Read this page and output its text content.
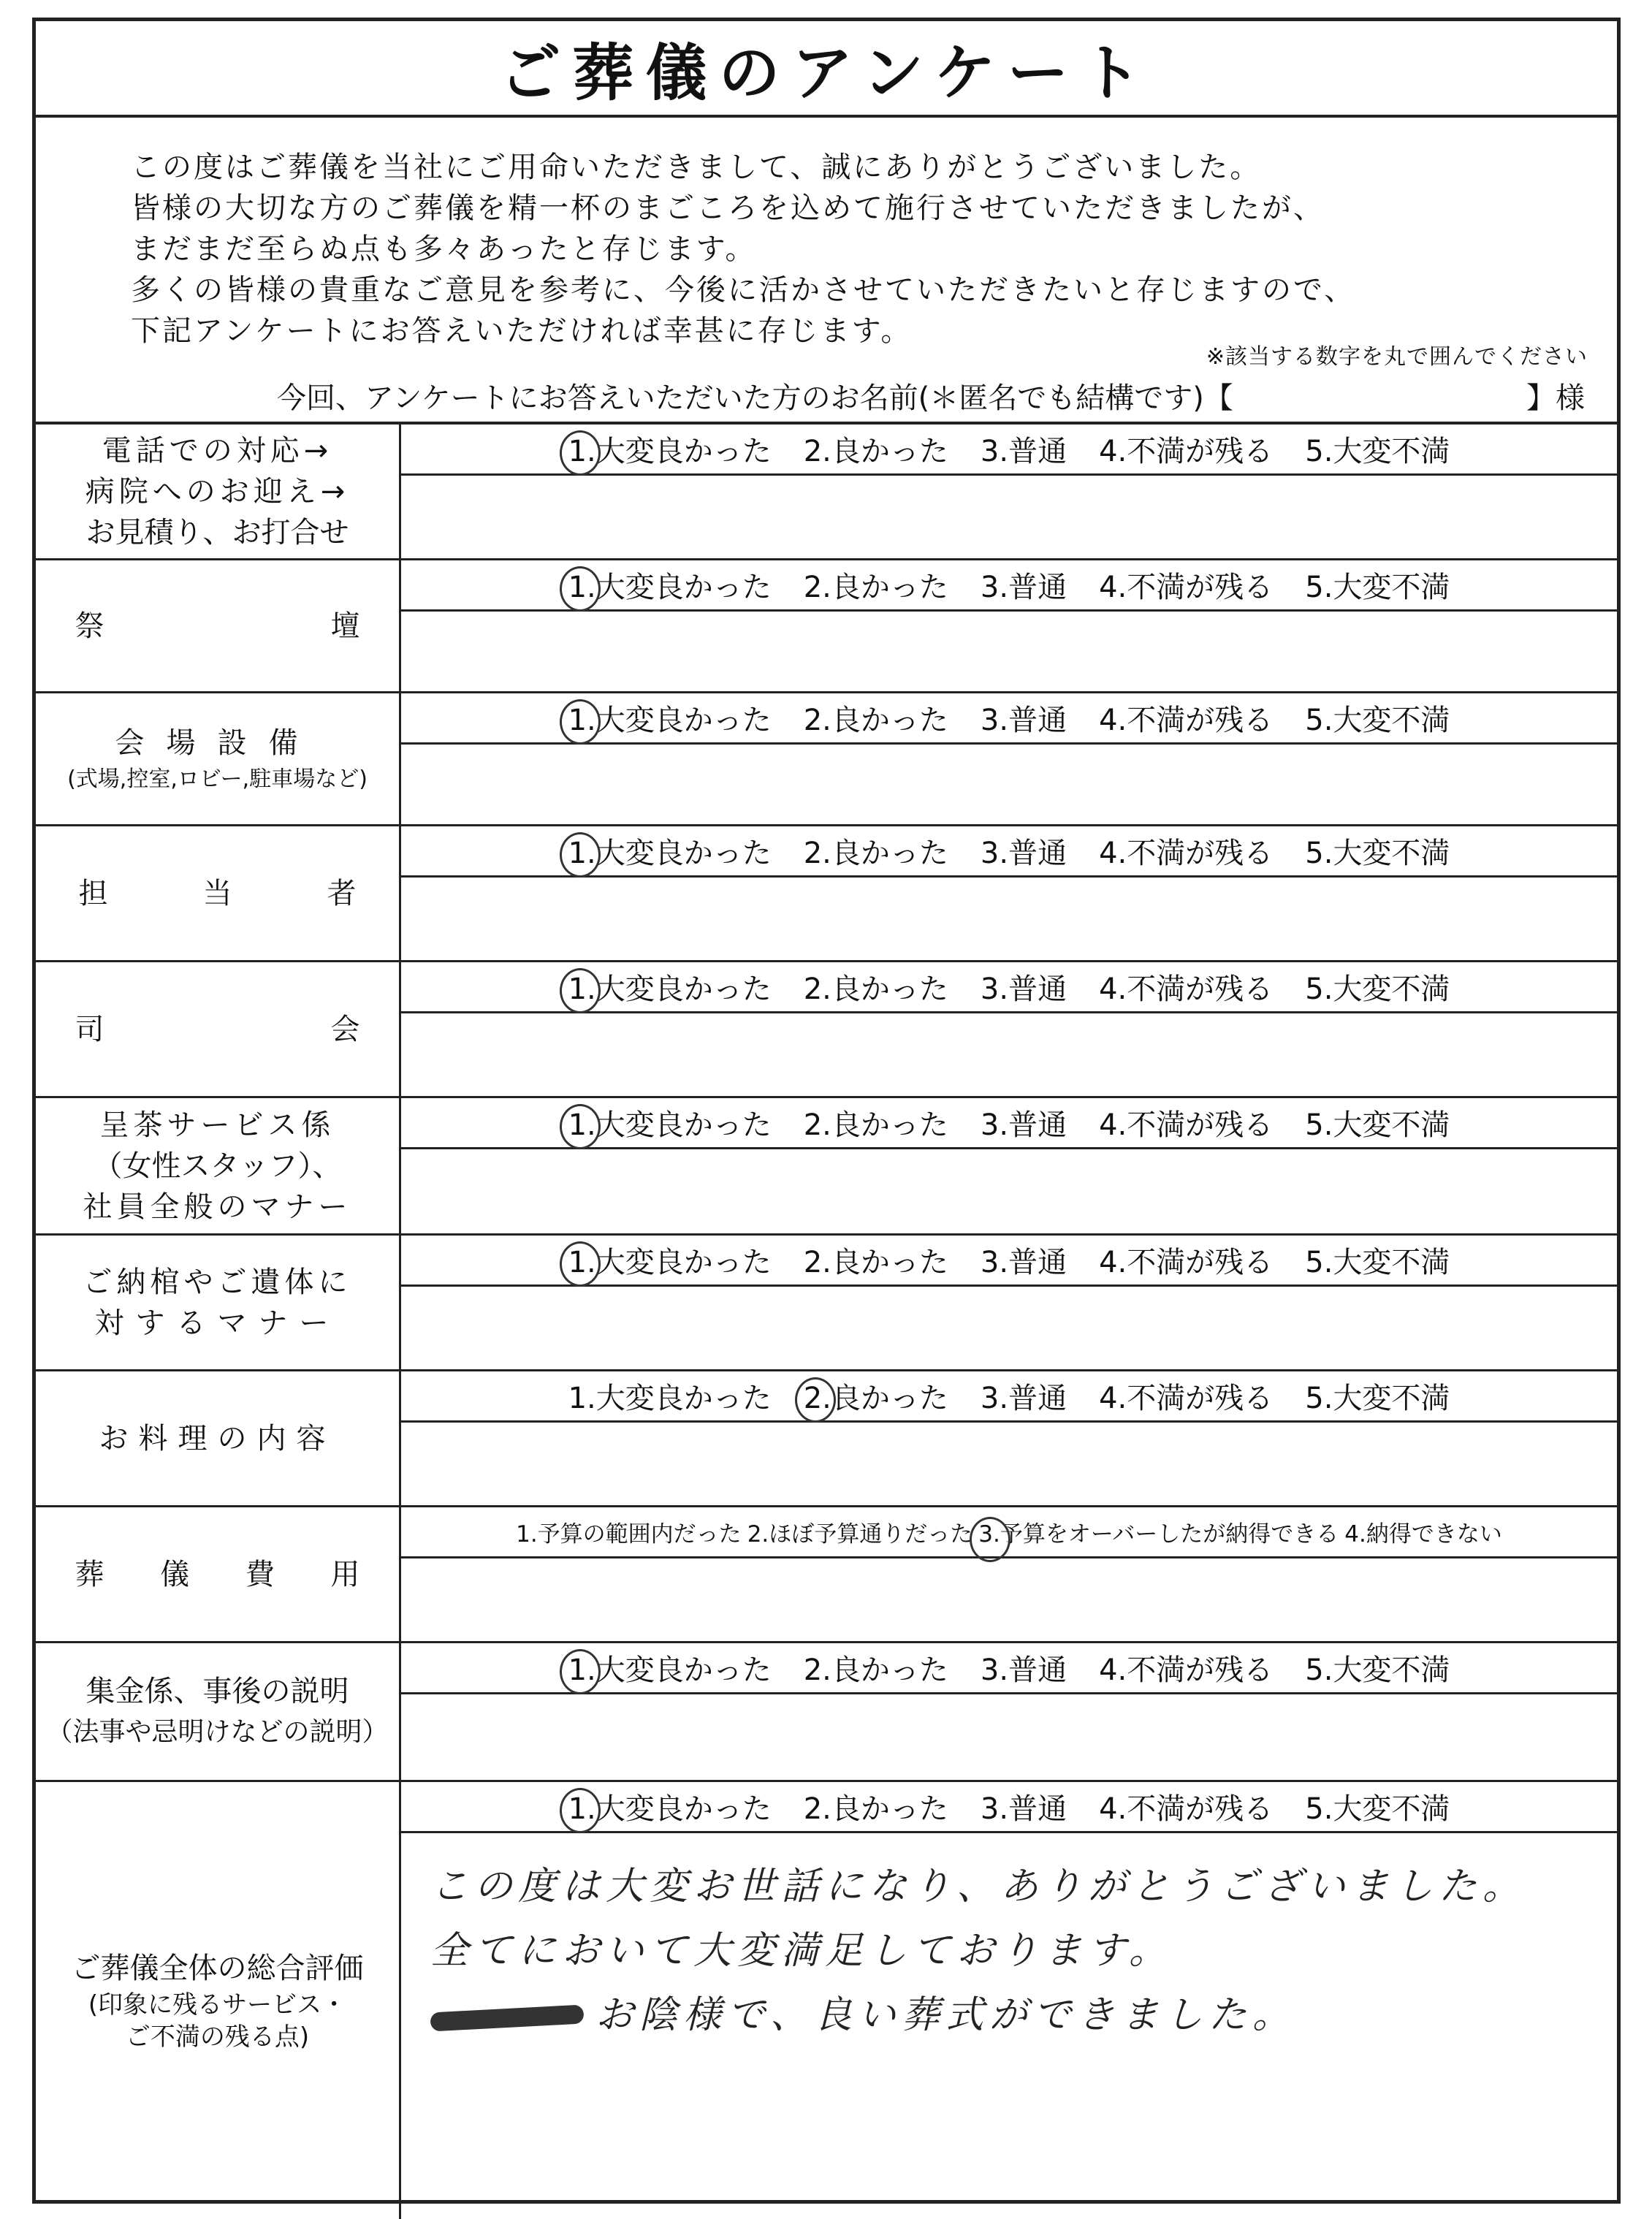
ご葬儀のアンケート
この度はご葬儀を当社にご用命いただきまして、誠にありがとうございました。
皆様の大切な方のご葬儀を精一杯のまごころを込めて施行させていただきましたが、
まだまだ至らぬ点も多々あったと存じます。
多くの皆様の貴重なご意見を参考に、今後に活かさせていただきたいと存じますので、
下記アンケートにお答えいただければ幸甚に存じます。
※該当する数字を丸で囲んでください
今回、アンケートにお答えいただいた方のお名前(＊匿名でも結構です)【	】様
電話での対応→
病院へのお迎え→
お見積り、お打合せ
1.大変良かった 2.良かった 3.普通 4.不満が残る 5.大変不満
祭	壇
1.大変良かった 2.良かった 3.普通 4.不満が残る 5.大変不満
会場設備
(式場,控室,ロビー,駐車場など)
1.大変良かった 2.良かった 3.普通 4.不満が残る 5.大変不満
担	当	者
1.大変良かった 2.良かった 3.普通 4.不満が残る 5.大変不満
司	会
1.大変良かった 2.良かった 3.普通 4.不満が残る 5.大変不満
呈茶サービス係
（女性スタッフ）、
社員全般のマナー
1.大変良かった 2.良かった 3.普通 4.不満が残る 5.大変不満
ご納棺やご遺体に
対するマナー
1.大変良かった 2.良かった 3.普通 4.不満が残る 5.大変不満
お料理の内容
1.大変良かった 2.良かった 3.普通 4.不満が残る 5.大変不満
葬 儀 費 用
1.予算の範囲内だった 2.ほぼ予算通りだった 3.予算をオーバーしたが納得できる 4.納得できない
集金係、事後の説明
（法事や忌明けなどの説明）
1.大変良かった 2.良かった 3.普通 4.不満が残る 5.大変不満
ご葬儀全体の総合評価
(印象に残るサービス・
ご不満の残る点)
1.大変良かった 2.良かった 3.普通 4.不満が残る 5.大変不満
この度は大変お世話になり、ありがとうございました。
全てにおいて大変満足しております。
お陰様で、良い葬式ができました。
